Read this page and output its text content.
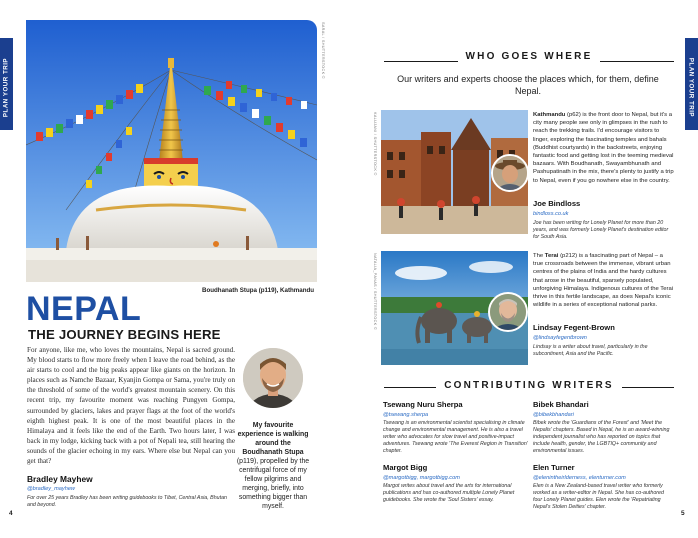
PLAN YOUR TRIP	PLAN YOUR TRIP
SARAL / SHUTTERSTOCK ©
Boudhanath Stupa (p119), Kathmandu
NEPAL
THE JOURNEY BEGINS HERE
For anyone, like me, who loves the mountains, Nepal is sacred ground. My blood starts to flow more freely when I leave the road behind, as the air starts to cool and the big peaks appear like giants on the horizon. In places such as Namche Bazaar, Kyanjin Gompa or Sama, you're truly on the threshold of some of the world's greatest mountain scenery. On this recent trip, my favourite moment was reaching Pungyen Gompa, surrounded by glaciers, lakes and prayer flags at the foot of the world's eighth highest peak. It is one of the most beautiful places in the Himalaya and it feels like the end of the Earth. Two hours later, I was back in my lodge, kicking back with a pot of Nepali tea, still hearing the sounds of the glacier echoing in my ears. Where else but Nepal can you get that?
Bradley Mayhew
@bradley_mayhew
For over 25 years Bradley has been writing guidebooks to Tibet, Central Asia, Bhutan and beyond.
My favourite experience is walking around the Boudhanath Stupa (p119), propelled by the centrifugal force of my fellow pilgrims and merging, briefly, into something bigger than myself.
4
WHO GOES WHERE
Our writers and experts choose the places which, for them, define Nepal.
KALUJANI / SHUTTERSTOCK ©	Kathmandu (p62) is the front door to Nepal, but it's a city many people see only in glimpses in the rush to reach the trekking trails. I'd encourage visitors to linger, exploring the fascinating temples and bahals (Buddhist courtyards) in the backstreets, enjoying fantastic food and getting lost in the teeming medieval bazaars. With Boudhanath, Swayambhunath and Pashupatinath in the mix, there's plenty to justify a trip to Nepal, even if you go nowhere else in the country.
Joe Bindloss
bindloss.co.uk
Joe has been writing for Lonely Planet for more than 20 years, and was formerly Lonely Planet's destination editor for South Asia.
NATALIA_PANAS / SHUTTERSTOCK ©	The Terai (p212) is a fascinating part of Nepal – a true crossroads between the immense, vibrant urban centres of the plains of India and the hardy cultures that arose in the beautiful, sparsely populated, unforgiving Himalaya. Indigenous cultures of the Terai thrive in this fertile landscape, as does Nepal's iconic wildlife in a series of exceptional national parks.
Lindsay Fegent-Brown
@lindsayfegentbrown
Lindsay is a writer about travel, particularly in the subcontinent, Asia and the Pacific.
CONTRIBUTING WRITERS
Tsewang Nuru Sherpa
@tsewang.sherpa
Tsewang is an environmental scientist specialising in climate change and environmental management. He is also a travel writer who advocates for slow travel and positive-impact adventures. Tsewang wrote 'The Everest Region in Transition' chapter.
Bibek Bhandari
@bibekbhandari
Bibek wrote the 'Guardians of the Forest' and 'Meet the Nepalis' chapters. Based in Nepal, he is an award-winning independent journalist who has reported on topics that include health, gender, the LGBTIQ+ community and environmental issues.
Margot Bigg
@margotbigg, margotbigg.com
Margot writes about travel and the arts for international publications and has co-authored multiple Lonely Planet guidebooks. She wrote the 'Soul Sisters' essay.
Elen Turner
@elenintheirlderness, elenturner.com
Elen is a New Zealand-based travel writer who formerly worked as a writer-editor in Nepal. She has co-authored four Lonely Planet guides. Elen wrote the 'Repatriating Nepal's Stolen Deities' chapter.
5
